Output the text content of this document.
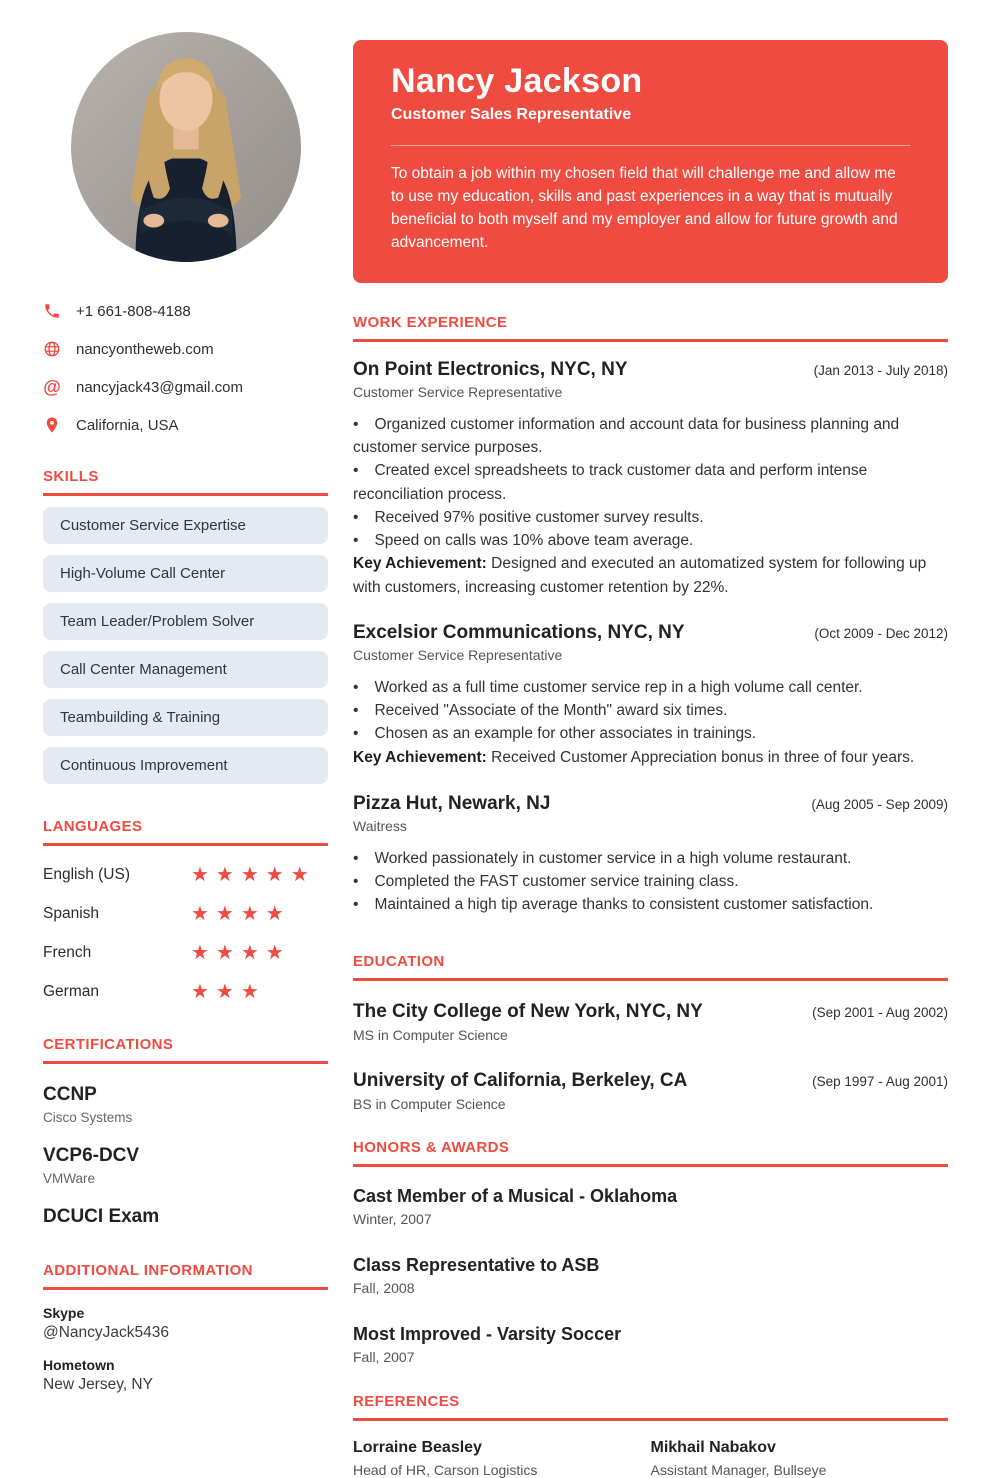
+1 661-808-4188
nancyontheweb.com
@ nancyjack43@gmail.com
California, USA
SKILLS
Customer Service Expertise
High-Volume Call Center
Team Leader/Problem Solver
Call Center Management
Teambuilding & Training
Continuous Improvement
LANGUAGES
English (US)	★★★★★
Spanish	★★★★
French	★★★★
German	★★★
CERTIFICATIONS
CCNP
Cisco Systems
VCP6-DCV
VMWare
DCUCI Exam
ADDITIONAL INFORMATION
Skype
@NancyJack5436
Hometown
New Jersey, NY
Nancy Jackson
Customer Sales Representative

To obtain a job within my chosen field that will challenge me and allow me to use my education, skills and past experiences in a way that is mutually beneficial to both myself and my employer and allow for future growth and advancement.

WORK EXPERIENCE
On Point Electronics, NYC, NY	(Jan 2013 - July 2018)
Customer Service Representative

• Organized customer information and account data for business planning and customer service purposes.

• Created excel spreadsheets to track customer data and perform intense reconciliation process.

• Received 97% positive customer survey results.

• Speed on calls was 10% above team average.

Key Achievement: Designed and executed an automatized system for following up with customers, increasing customer retention by 22%.

Excelsior Communications, NYC, NY	(Oct 2009 - Dec 2012)
Customer Service Representative

• Worked as a full time customer service rep in a high volume call center.

• Received "Associate of the Month" award six times.

• Chosen as an example for other associates in trainings.

Key Achievement: Received Customer Appreciation bonus in three of four years.

Pizza Hut, Newark, NJ	(Aug 2005 - Sep 2009)
Waitress

• Worked passionately in customer service in a high volume restaurant.

• Completed the FAST customer service training class.

• Maintained a high tip average thanks to consistent customer satisfaction.

EDUCATION
The City College of New York, NYC, NY	(Sep 2001 - Aug 2002)
MS in Computer Science
University of California, Berkeley, CA	(Sep 1997 - Aug 2001)
BS in Computer Science
HONORS & AWARDS
Cast Member of a Musical - Oklahoma
Winter, 2007
Class Representative to ASB
Fall, 2008
Most Improved - Varsity Soccer
Fall, 2007
REFERENCES
Lorraine Beasley
Head of HR, Carson Logistics
Mikhail Nabakov
Assistant Manager, Bullseye
